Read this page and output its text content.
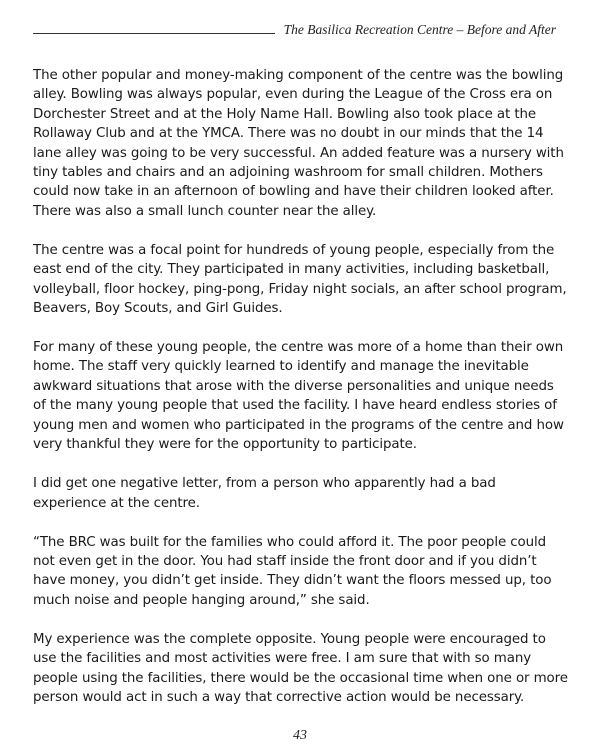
The Basilica Recreation Centre – Before and After

The other popular and money-making component of the centre was the bowling alley. Bowling was always popular, even during the League of the Cross era on Dorchester Street and at the Holy Name Hall. Bowling also took place at the Rollaway Club and at the YMCA. There was no doubt in our minds that the 14 lane alley was going to be very successful. An added feature was a nursery with tiny tables and chairs and an adjoining washroom for small children. Mothers could now take in an afternoon of bowling and have their children looked after. There was also a small lunch counter near the alley.

The centre was a focal point for hundreds of young people, especially from the east end of the city. They participated in many activities, including basketball, volleyball, floor hockey, ping-pong, Friday night socials, an after school program, Beavers, Boy Scouts, and Girl Guides.

For many of these young people, the centre was more of a home than their own home. The staff very quickly learned to identify and manage the inevitable awkward situations that arose with the diverse personalities and unique needs of the many young people that used the facility. I have heard endless stories of young men and women who participated in the programs of the centre and how very thankful they were for the opportunity to participate.

I did get one negative letter, from a person who apparently had a bad experience at the centre.

“The BRC was built for the families who could afford it. The poor people could not even get in the door. You had staff inside the front door and if you didn’t have money, you didn’t get inside. They didn’t want the floors messed up, too much noise and people hanging around,” she said.

My experience was the complete opposite. Young people were encouraged to use the facilities and most activities were free. I am sure that with so many people using the facilities, there would be the occasional time when one or more person would act in such a way that corrective action would be necessary.

43
